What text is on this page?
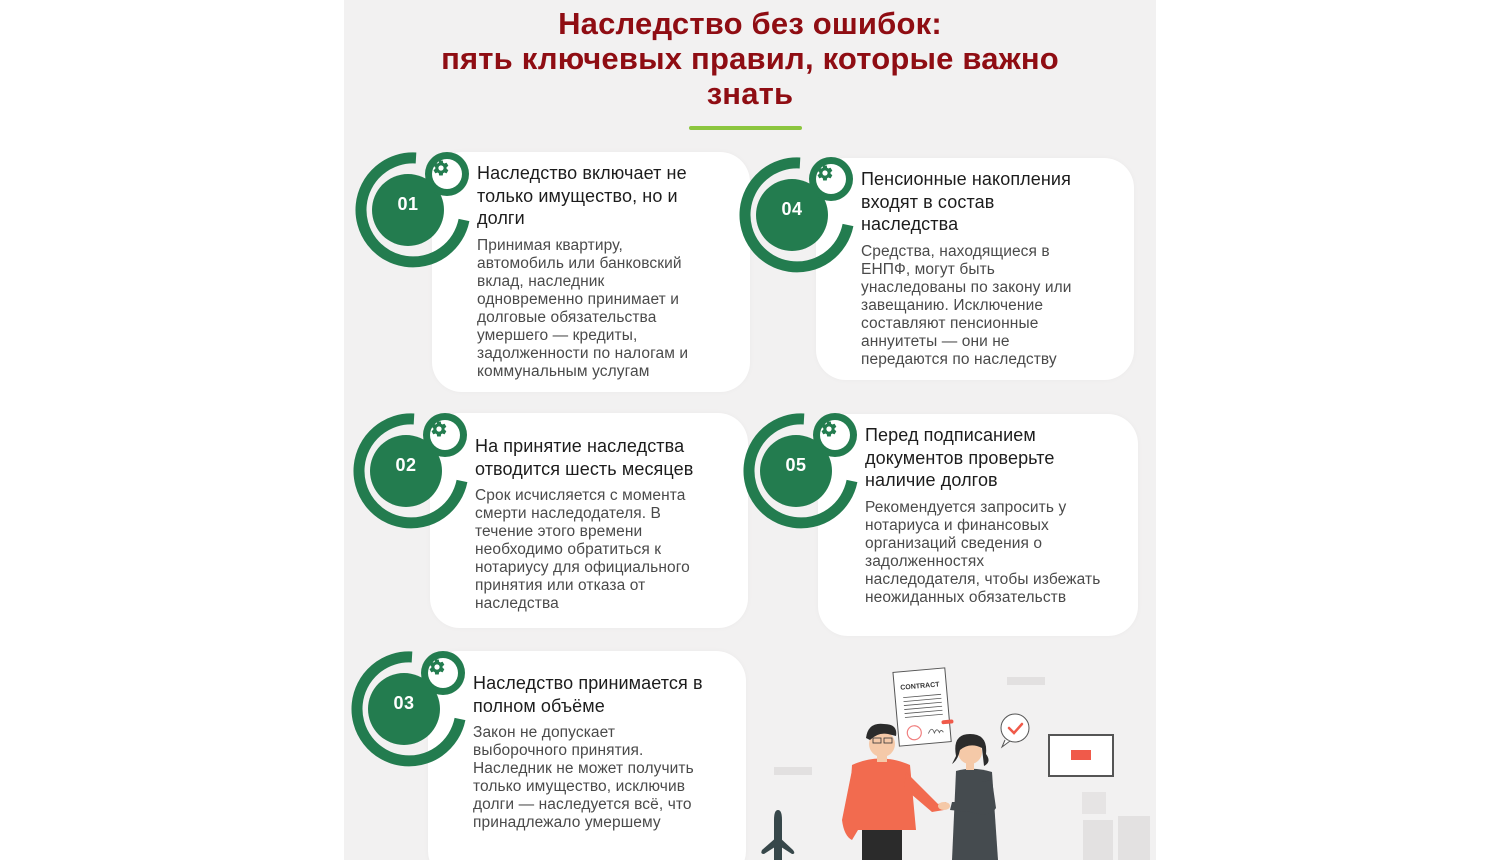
Наследство без ошибок:
пять ключевых правил, которые важно
знать
01
Наследство включает не
только имущество, но и
долги
Принимая квартиру,
автомобиль или банковский
вклад, наследник
одновременно принимает и
долговые обязательства
умершего — кредиты,
задолженности по налогам и
коммунальным услугам
02
На принятие наследства
отводится шесть месяцев
Срок исчисляется с момента
смерти наследодателя. В
течение этого времени
необходимо обратиться к
нотариусу для официального
принятия или отказа от
наследства
03
Наследство принимается в
полном объёме
Закон не допускает
выборочного принятия.
Наследник не может получить
только имущество, исключив
долги — наследуется всё, что
принадлежало умершему
04
Пенсионные накопления
входят в состав
наследства
Средства, находящиеся в
ЕНПФ, могут быть
унаследованы по закону или
завещанию. Исключение
составляют пенсионные
аннуитеты — они не
передаются по наследству
05
Перед подписанием
документов проверьте
наличие долгов
Рекомендуется запросить у
нотариуса и финансовых
организаций сведения о
задолженностях
наследодателя, чтобы избежать
неожиданных обязательств
CONTRACT
